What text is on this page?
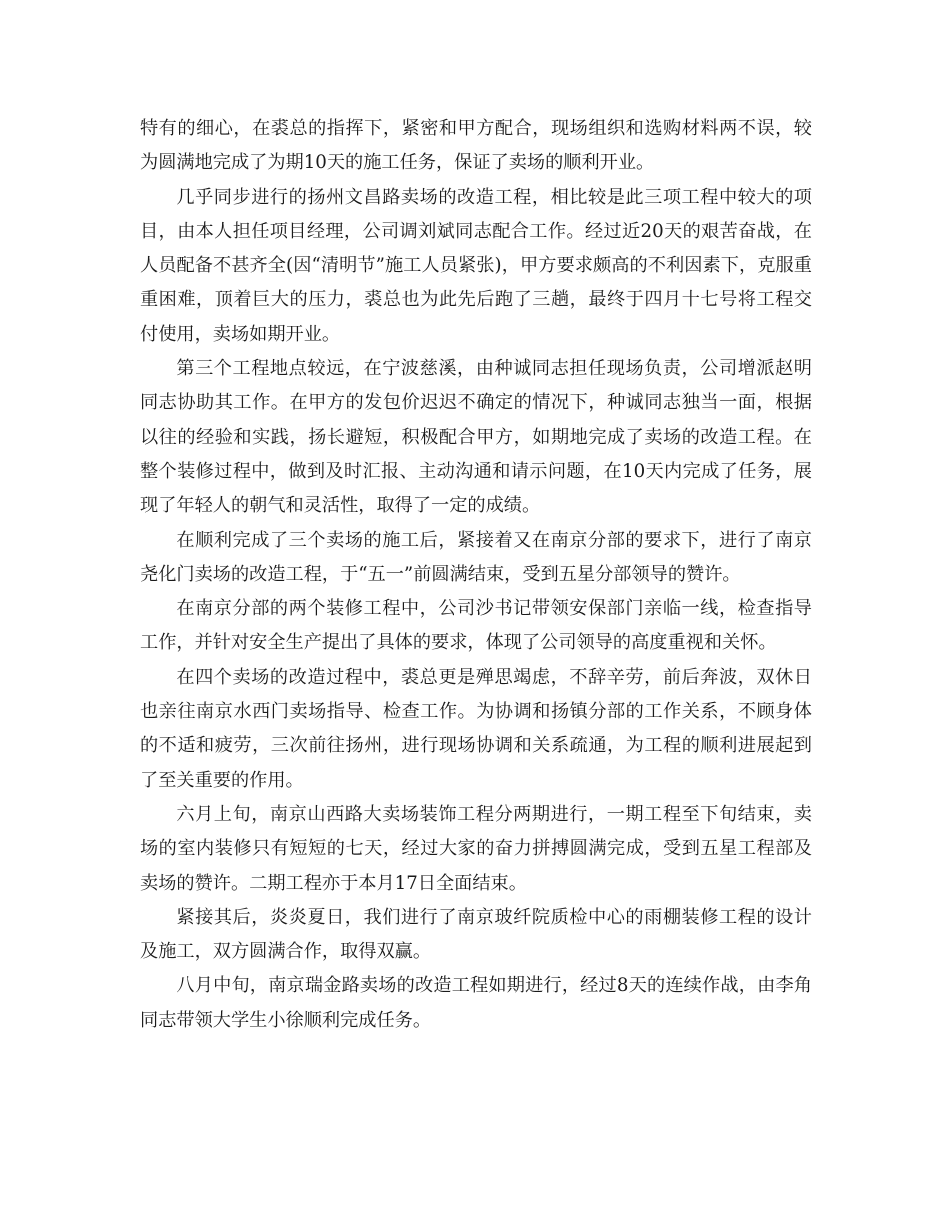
特有的细心，在裘总的指挥下，紧密和甲方配合，现场组织和选购材料两不误，较为圆满地完成了为期10天的施工任务，保证了卖场的顺利开业。

几乎同步进行的扬州文昌路卖场的改造工程，相比较是此三项工程中较大的项目，由本人担任项目经理，公司调刘斌同志配合工作。经过近20天的艰苦奋战，在人员配备不甚齐全(因“清明节”施工人员紧张)，甲方要求颇高的不利因素下，克服重重困难，顶着巨大的压力，裘总也为此先后跑了三趟，最终于四月十七号将工程交付使用，卖场如期开业。

第三个工程地点较远，在宁波慈溪，由种诚同志担任现场负责，公司增派赵明同志协助其工作。在甲方的发包价迟迟不确定的情况下，种诚同志独当一面，根据以往的经验和实践，扬长避短，积极配合甲方，如期地完成了卖场的改造工程。在整个装修过程中，做到及时汇报、主动沟通和请示问题，在10天内完成了任务，展现了年轻人的朝气和灵活性，取得了一定的成绩。

在顺利完成了三个卖场的施工后，紧接着又在南京分部的要求下，进行了南京尧化门卖场的改造工程，于“五一”前圆满结束，受到五星分部领导的赞许。

在南京分部的两个装修工程中，公司沙书记带领安保部门亲临一线，检查指导工作，并针对安全生产提出了具体的要求，体现了公司领导的高度重视和关怀。

在四个卖场的改造过程中，裘总更是殚思竭虑，不辞辛劳，前后奔波，双休日也亲往南京水西门卖场指导、检查工作。为协调和扬镇分部的工作关系，不顾身体的不适和疲劳，三次前往扬州，进行现场协调和关系疏通，为工程的顺利进展起到了至关重要的作用。

六月上旬，南京山西路大卖场装饰工程分两期进行，一期工程至下旬结束，卖场的室内装修只有短短的七天，经过大家的奋力拼搏圆满完成，受到五星工程部及卖场的赞许。二期工程亦于本月17日全面结束。

紧接其后，炎炎夏日，我们进行了南京玻纤院质检中心的雨棚装修工程的设计及施工，双方圆满合作，取得双赢。

八月中旬，南京瑞金路卖场的改造工程如期进行，经过8天的连续作战，由李角同志带领大学生小徐顺利完成任务。
